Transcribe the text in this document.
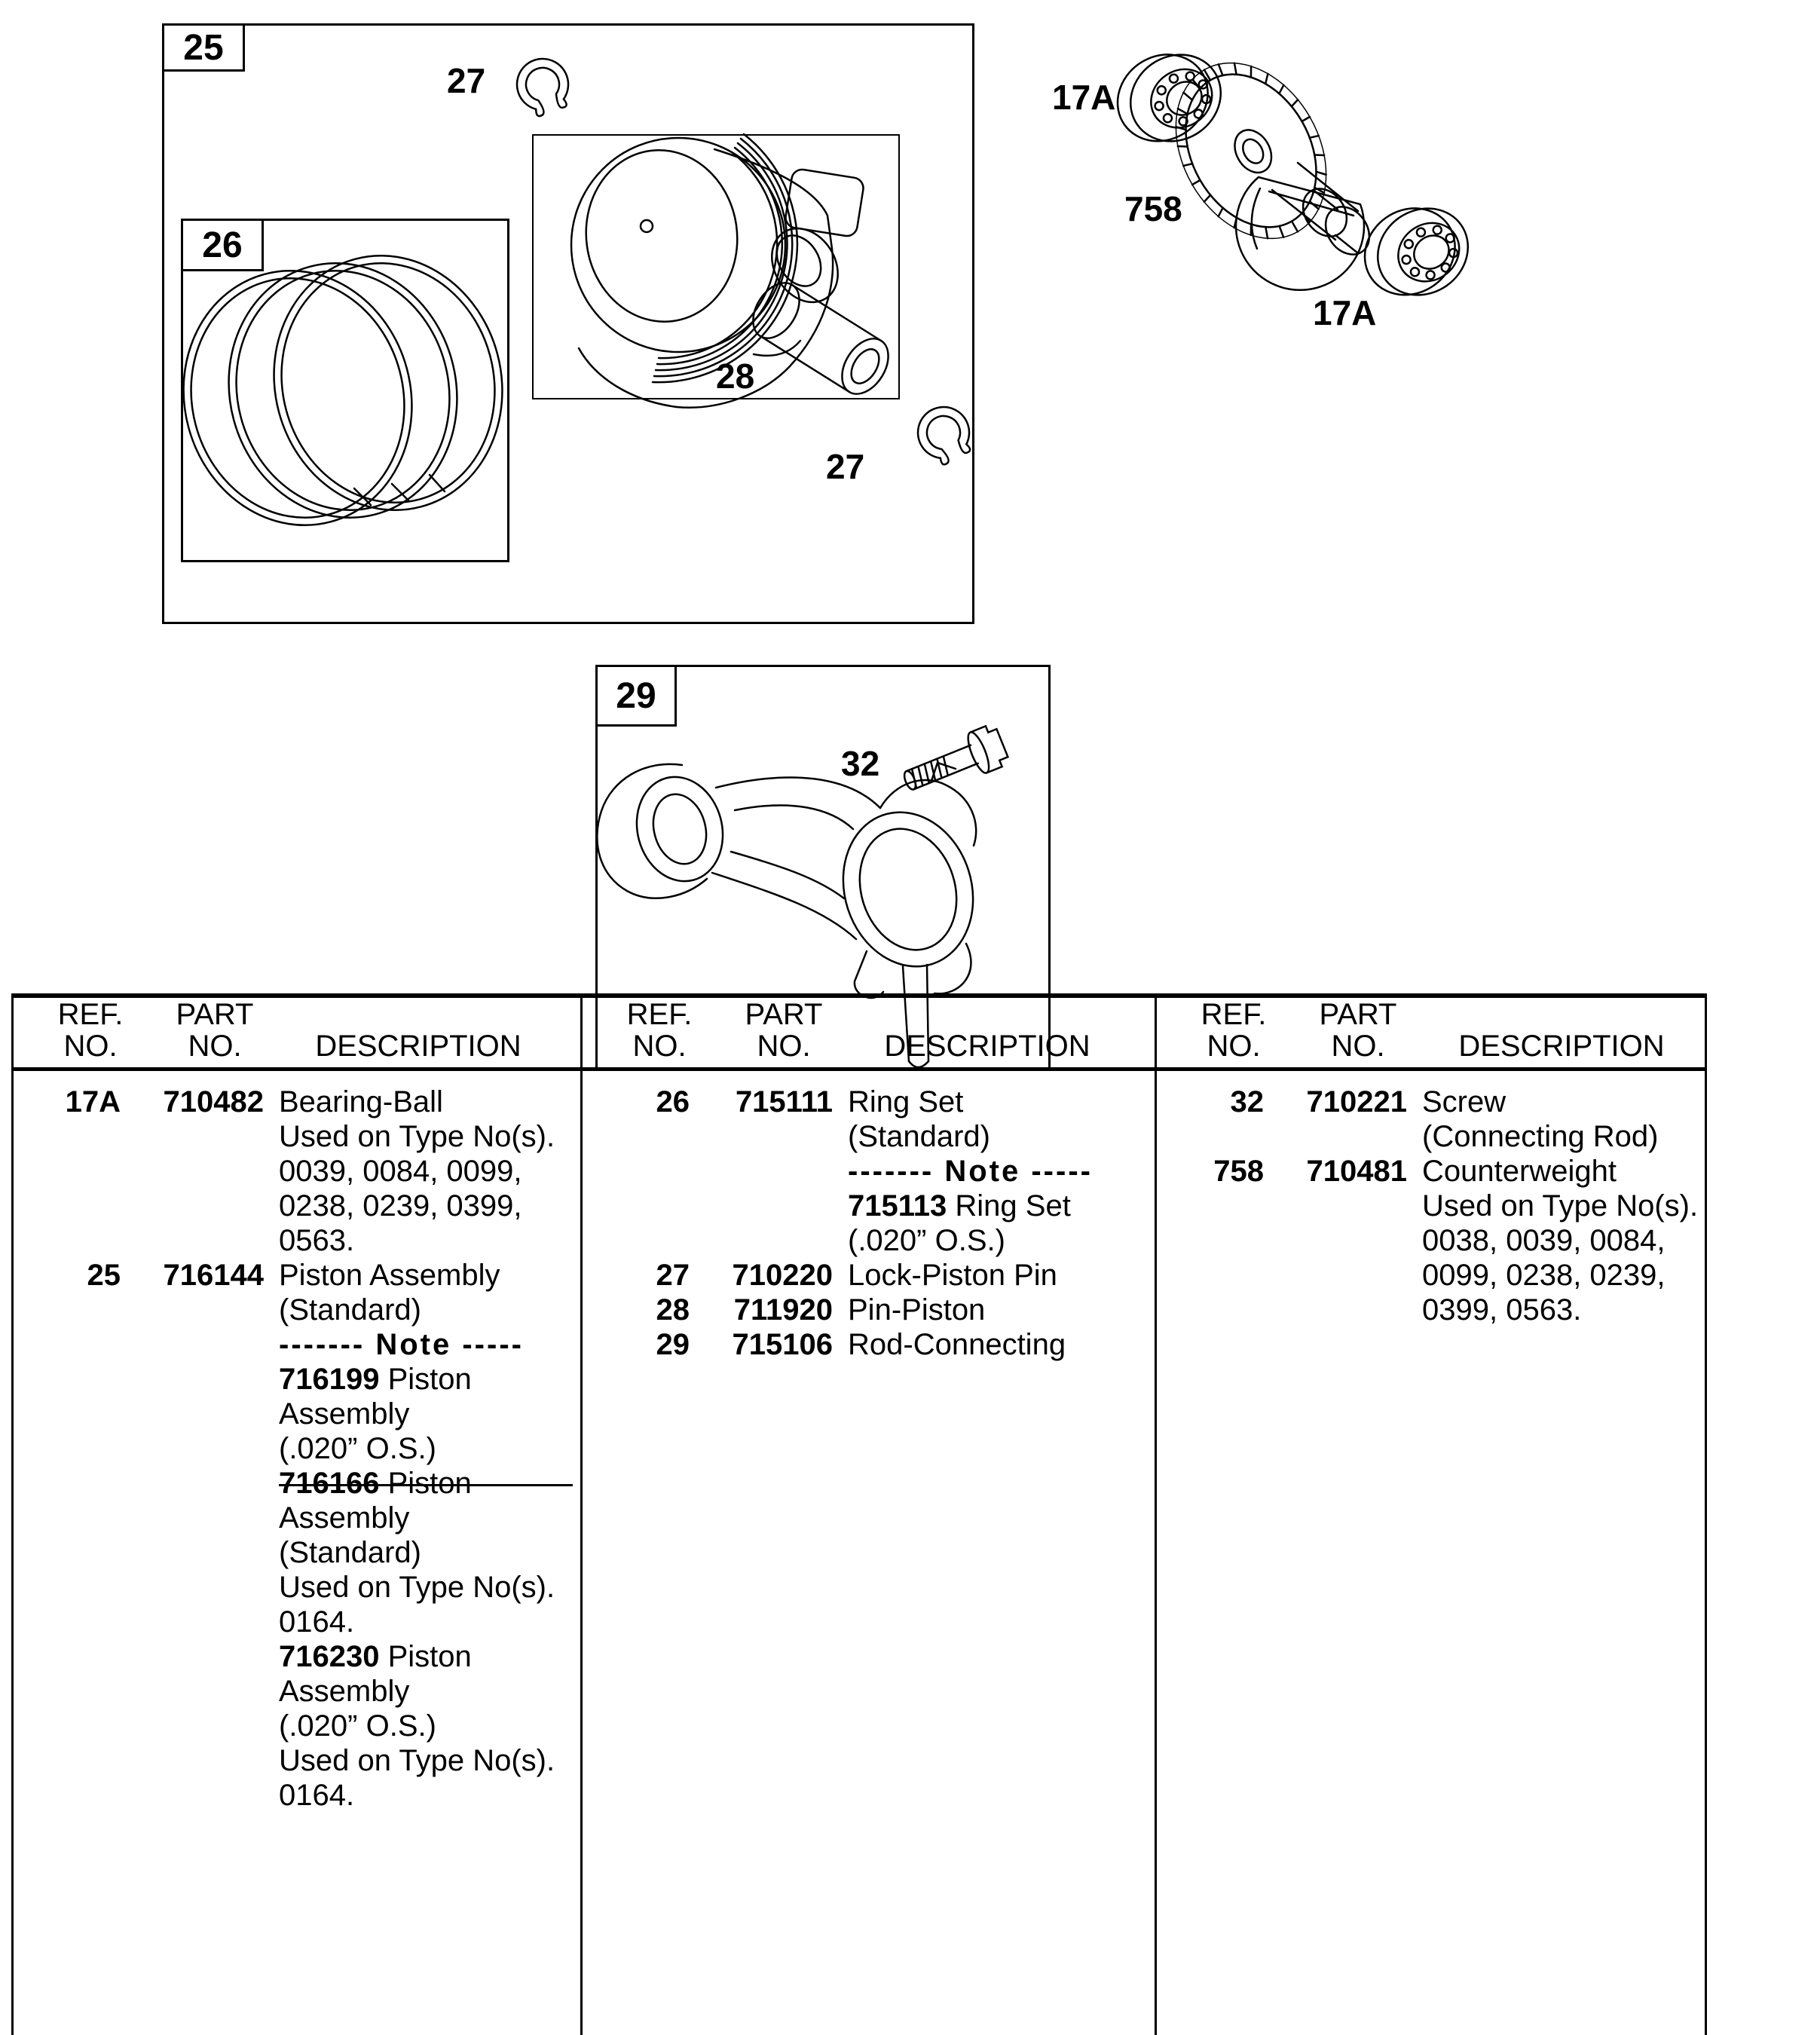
25
26
29
27
28
27
32
17A
758
17A
REF.
NO.
PART
NO.	DESCRIPTION
17A	710482 Bearing-Ball
Used on Type No(s).
0039, 0084, 0099,
0238, 0239, 0399,
0563.
25	716144 Piston Assembly
(Standard)
------- Note -----
716199 Piston
Assembly
(.020” O.S.)
716166 Piston
Assembly
(Standard)
Used on Type No(s).
0164.
716230 Piston
Assembly
(.020” O.S.)
Used on Type No(s).
0164.
REF.
NO.
PART
NO.	DESCRIPTION
26	715111 Ring Set
(Standard)
------- Note -----
715113 Ring Set
(.020” O.S.)
27	710220 Lock-Piston Pin
28	711920 Pin-Piston
29	715106 Rod-Connecting
REF.
NO.
PART
NO.	DESCRIPTION
32	710221 Screw
(Connecting Rod)
758	710481 Counterweight
Used on Type No(s).
0038, 0039, 0084,
0099, 0238, 0239,
0399, 0563.
